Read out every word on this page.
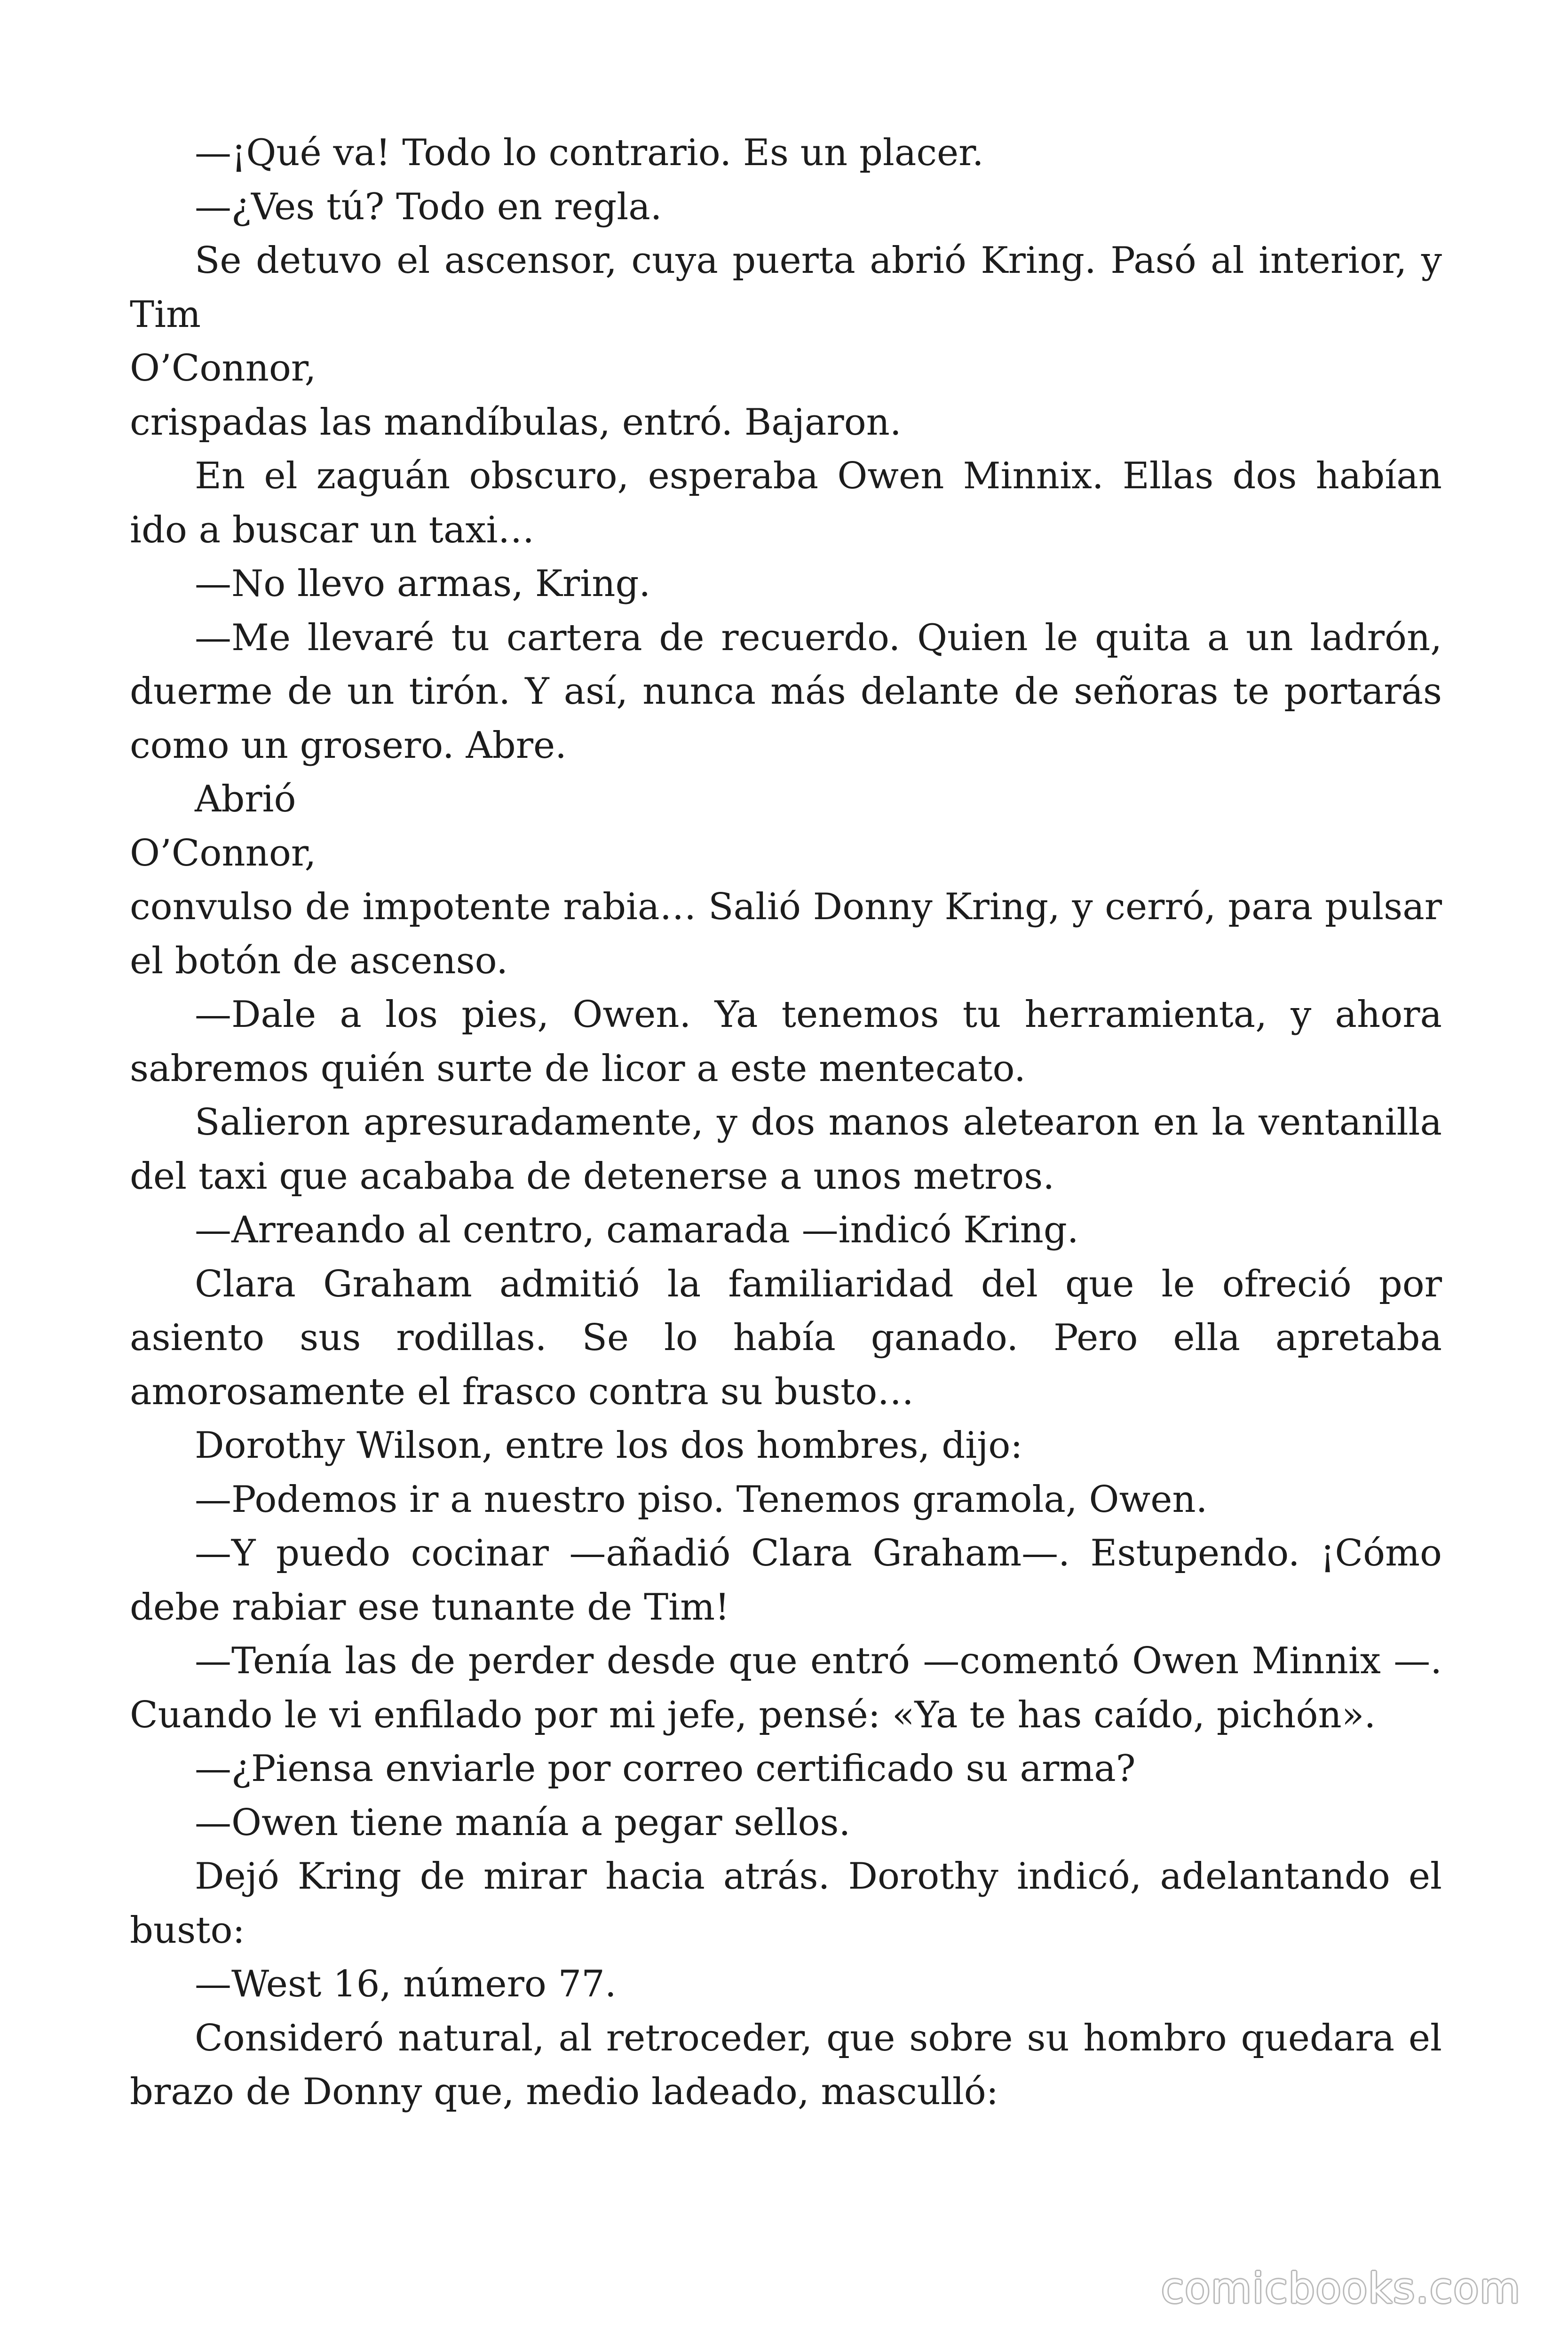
—¡Qué va! Todo lo contrario. Es un placer.

—¿Ves tú? Todo en regla.

Se detuvo el ascensor, cuya puerta abrió Kring. Pasó al interior, y Tim

O’Connor,

crispadas las mandíbulas, entró. Bajaron.

En el zaguán obscuro, esperaba Owen Minnix. Ellas dos habían ido a buscar un taxi…

—No llevo armas, Kring.

—Me llevaré tu cartera de recuerdo. Quien le quita a un ladrón, duerme de un tirón. Y así, nunca más delante de señoras te portarás como un grosero. Abre.

Abrió

O’Connor,

convulso de impotente rabia… Salió Donny Kring, y cerró, para pulsar el botón de ascenso.

—Dale a los pies, Owen. Ya tenemos tu herramienta, y ahora sabremos quién surte de licor a este mentecato.

Salieron apresuradamente, y dos manos aletearon en la ventanilla del taxi que acababa de detenerse a unos metros.

—Arreando al centro, camarada —indicó Kring.

Clara Graham admitió la familiaridad del que le ofreció por asiento sus rodillas. Se lo había ganado. Pero ella apretaba amorosamente el frasco contra su busto…

Dorothy Wilson, entre los dos hombres, dijo:

—Podemos ir a nuestro piso. Tenemos gramola, Owen.

—Y puedo cocinar —añadió Clara Graham—. Estupendo. ¡Cómo debe rabiar ese tunante de Tim!

—Tenía las de perder desde que entró —comentó Owen Minnix —. Cuando le vi enfilado por mi jefe, pensé: «Ya te has caído, pichón».

—¿Piensa enviarle por correo certificado su arma?

—Owen tiene manía a pegar sellos.

Dejó Kring de mirar hacia atrás. Dorothy indicó, adelantando el busto:

—West 16, número 77.

Consideró natural, al retroceder, que sobre su hombro quedara el brazo de Donny que, medio ladeado, masculló:

comicbooks.com
